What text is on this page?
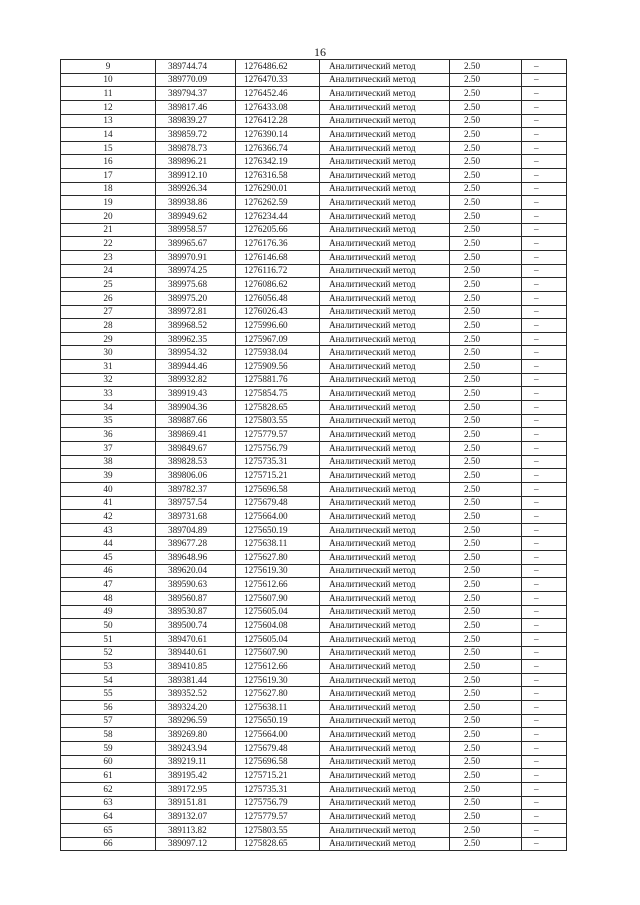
16
9	389744.74	1276486.62	Аналитический метод	2.50	–
10	389770.09	1276470.33	Аналитический метод	2.50	–
11	389794.37	1276452.46	Аналитический метод	2.50	–
12	389817.46	1276433.08	Аналитический метод	2.50	–
13	389839.27	1276412.28	Аналитический метод	2.50	–
14	389859.72	1276390.14	Аналитический метод	2.50	–
15	389878.73	1276366.74	Аналитический метод	2.50	–
16	389896.21	1276342.19	Аналитический метод	2.50	–
17	389912.10	1276316.58	Аналитический метод	2.50	–
18	389926.34	1276290.01	Аналитический метод	2.50	–
19	389938.86	1276262.59	Аналитический метод	2.50	–
20	389949.62	1276234.44	Аналитический метод	2.50	–
21	389958.57	1276205.66	Аналитический метод	2.50	–
22	389965.67	1276176.36	Аналитический метод	2.50	–
23	389970.91	1276146.68	Аналитический метод	2.50	–
24	389974.25	1276116.72	Аналитический метод	2.50	–
25	389975.68	1276086.62	Аналитический метод	2.50	–
26	389975.20	1276056.48	Аналитический метод	2.50	–
27	389972.81	1276026.43	Аналитический метод	2.50	–
28	389968.52	1275996.60	Аналитический метод	2.50	–
29	389962.35	1275967.09	Аналитический метод	2.50	–
30	389954.32	1275938.04	Аналитический метод	2.50	–
31	389944.46	1275909.56	Аналитический метод	2.50	–
32	389932.82	1275881.76	Аналитический метод	2.50	–
33	389919.43	1275854.75	Аналитический метод	2.50	–
34	389904.36	1275828.65	Аналитический метод	2.50	–
35	389887.66	1275803.55	Аналитический метод	2.50	–
36	389869.41	1275779.57	Аналитический метод	2.50	–
37	389849.67	1275756.79	Аналитический метод	2.50	–
38	389828.53	1275735.31	Аналитический метод	2.50	–
39	389806.06	1275715.21	Аналитический метод	2.50	–
40	389782.37	1275696.58	Аналитический метод	2.50	–
41	389757.54	1275679.48	Аналитический метод	2.50	–
42	389731.68	1275664.00	Аналитический метод	2.50	–
43	389704.89	1275650.19	Аналитический метод	2.50	–
44	389677.28	1275638.11	Аналитический метод	2.50	–
45	389648.96	1275627.80	Аналитический метод	2.50	–
46	389620.04	1275619.30	Аналитический метод	2.50	–
47	389590.63	1275612.66	Аналитический метод	2.50	–
48	389560.87	1275607.90	Аналитический метод	2.50	–
49	389530.87	1275605.04	Аналитический метод	2.50	–
50	389500.74	1275604.08	Аналитический метод	2.50	–
51	389470.61	1275605.04	Аналитический метод	2.50	–
52	389440.61	1275607.90	Аналитический метод	2.50	–
53	389410.85	1275612.66	Аналитический метод	2.50	–
54	389381.44	1275619.30	Аналитический метод	2.50	–
55	389352.52	1275627.80	Аналитический метод	2.50	–
56	389324.20	1275638.11	Аналитический метод	2.50	–
57	389296.59	1275650.19	Аналитический метод	2.50	–
58	389269.80	1275664.00	Аналитический метод	2.50	–
59	389243.94	1275679.48	Аналитический метод	2.50	–
60	389219.11	1275696.58	Аналитический метод	2.50	–
61	389195.42	1275715.21	Аналитический метод	2.50	–
62	389172.95	1275735.31	Аналитический метод	2.50	–
63	389151.81	1275756.79	Аналитический метод	2.50	–
64	389132.07	1275779.57	Аналитический метод	2.50	–
65	389113.82	1275803.55	Аналитический метод	2.50	–
66	389097.12	1275828.65	Аналитический метод	2.50	–
